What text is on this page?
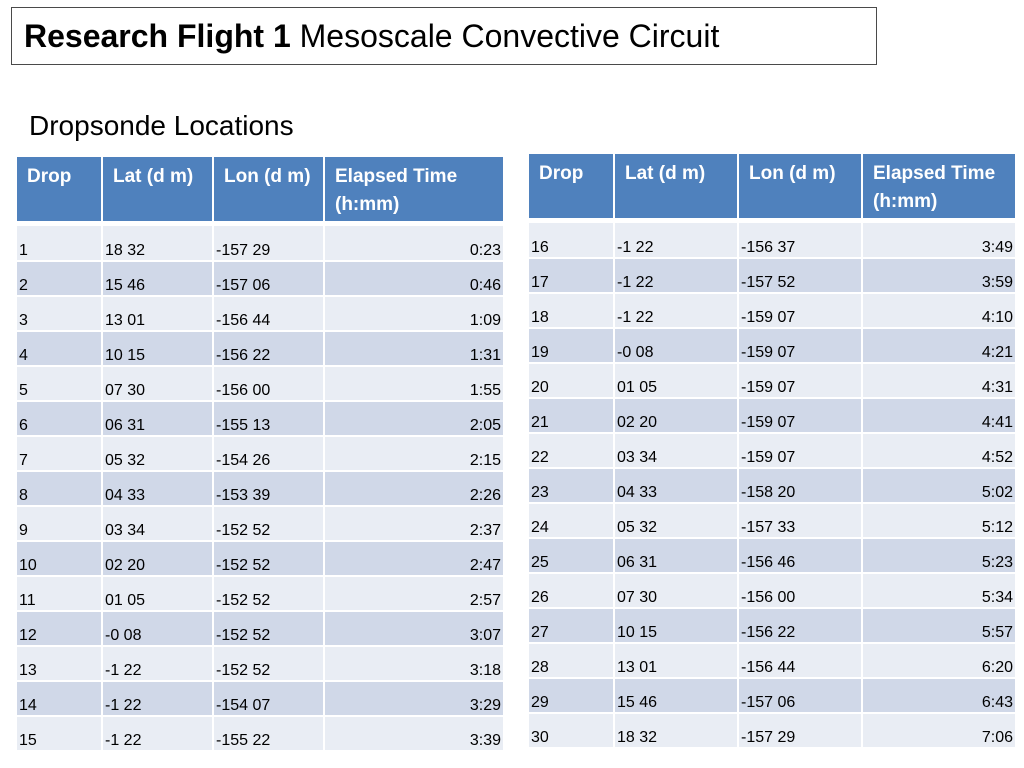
Research Flight 1 Mesoscale Convective Circuit
Dropsonde Locations
Drop	Lat (d m)	Lon (d m)	Elapsed Time (h:mm)

1	18 32	-157 29	0:23
2	15 46	-157 06	0:46
3	13 01	-156 44	1:09
4	10 15	-156 22	1:31
5	07 30	-156 00	1:55
6	06 31	-155 13	2:05
7	05 32	-154 26	2:15
8	04 33	-153 39	2:26
9	03 34	-152 52	2:37
10	02 20	-152 52	2:47
11	01 05	-152 52	2:57
12	-0 08	-152 52	3:07
13	-1 22	-152 52	3:18
14	-1 22	-154 07	3:29
15	-1 22	-155 22	3:39
Drop	Lat (d m)	Lon (d m)	Elapsed Time (h:mm)

16	-1 22	-156 37	3:49
17	-1 22	-157 52	3:59
18	-1 22	-159 07	4:10
19	-0 08	-159 07	4:21
20	01 05	-159 07	4:31
21	02 20	-159 07	4:41
22	03 34	-159 07	4:52
23	04 33	-158 20	5:02
24	05 32	-157 33	5:12
25	06 31	-156 46	5:23
26	07 30	-156 00	5:34
27	10 15	-156 22	5:57
28	13 01	-156 44	6:20
29	15 46	-157 06	6:43
30	18 32	-157 29	7:06
